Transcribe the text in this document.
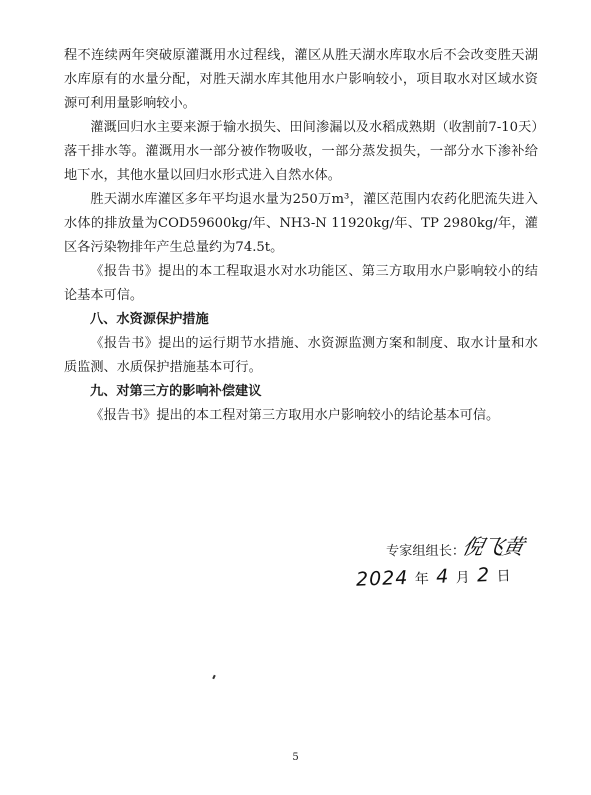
程不连续两年突破原灌溉用水过程线，灌区从胜天湖水库取水后不会改变胜天湖水库原有的水量分配，对胜天湖水库其他用水户影响较小，项目取水对区域水资源可利用量影响较小。

灌溉回归水主要来源于输水损失、田间渗漏以及水稻成熟期（收割前7-10天）落干排水等。灌溉用水一部分被作物吸收，一部分蒸发损失，一部分水下渗补给地下水，其他水量以回归水形式进入自然水体。

胜天湖水库灌区多年平均退水量为250万m³，灌区范围内农药化肥流失进入水体的排放量为COD59600kg/年、NH3-N 11920kg/年、TP 2980kg/年，灌区各污染物排年产生总量约为74.5t。

《报告书》提出的本工程取退水对水功能区、第三方取用水户影响较小的结论基本可信。

八、水资源保护措施

《报告书》提出的运行期节水措施、水资源监测方案和制度、取水计量和水质监测、水质保护措施基本可行。

九、对第三方的影响补偿建议

《报告书》提出的本工程对第三方取用水户影响较小的结论基本可信。

专家组组长：
倪飞黄
2024 年 4 月 2 日
5
